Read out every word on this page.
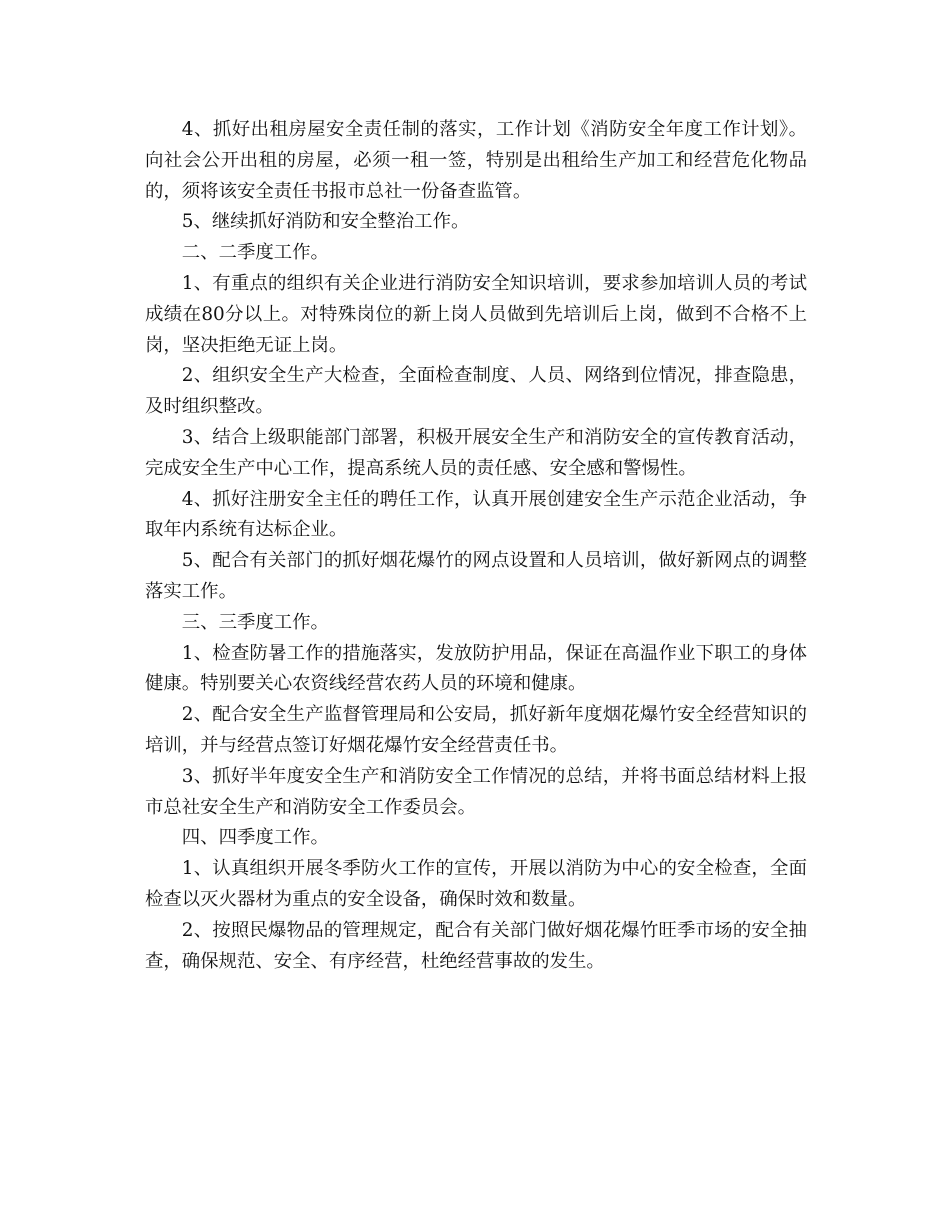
4、抓好出租房屋安全责任制的落实，工作计划《消防安全年度工作计划》。向社会公开出租的房屋，必须一租一签，特别是出租给生产加工和经营危化物品的，须将该安全责任书报市总社一份备查监管。

5、继续抓好消防和安全整治工作。

二、二季度工作。

1、有重点的组织有关企业进行消防安全知识培训，要求参加培训人员的考试成绩在80分以上。对特殊岗位的新上岗人员做到先培训后上岗，做到不合格不上岗，坚决拒绝无证上岗。

2、组织安全生产大检查，全面检查制度、人员、网络到位情况，排查隐患，及时组织整改。

3、结合上级职能部门部署，积极开展安全生产和消防安全的宣传教育活动，完成安全生产中心工作，提高系统人员的责任感、安全感和警惕性。

4、抓好注册安全主任的聘任工作，认真开展创建安全生产示范企业活动，争取年内系统有达标企业。

5、配合有关部门的抓好烟花爆竹的网点设置和人员培训，做好新网点的调整落实工作。

三、三季度工作。

1、检查防暑工作的措施落实，发放防护用品，保证在高温作业下职工的身体健康。特别要关心农资线经营农药人员的环境和健康。

2、配合安全生产监督管理局和公安局，抓好新年度烟花爆竹安全经营知识的培训，并与经营点签订好烟花爆竹安全经营责任书。

3、抓好半年度安全生产和消防安全工作情况的总结，并将书面总结材料上报市总社安全生产和消防安全工作委员会。

四、四季度工作。

1、认真组织开展冬季防火工作的宣传，开展以消防为中心的安全检查，全面检查以灭火器材为重点的安全设备，确保时效和数量。

2、按照民爆物品的管理规定，配合有关部门做好烟花爆竹旺季市场的安全抽查，确保规范、安全、有序经营，杜绝经营事故的发生。
